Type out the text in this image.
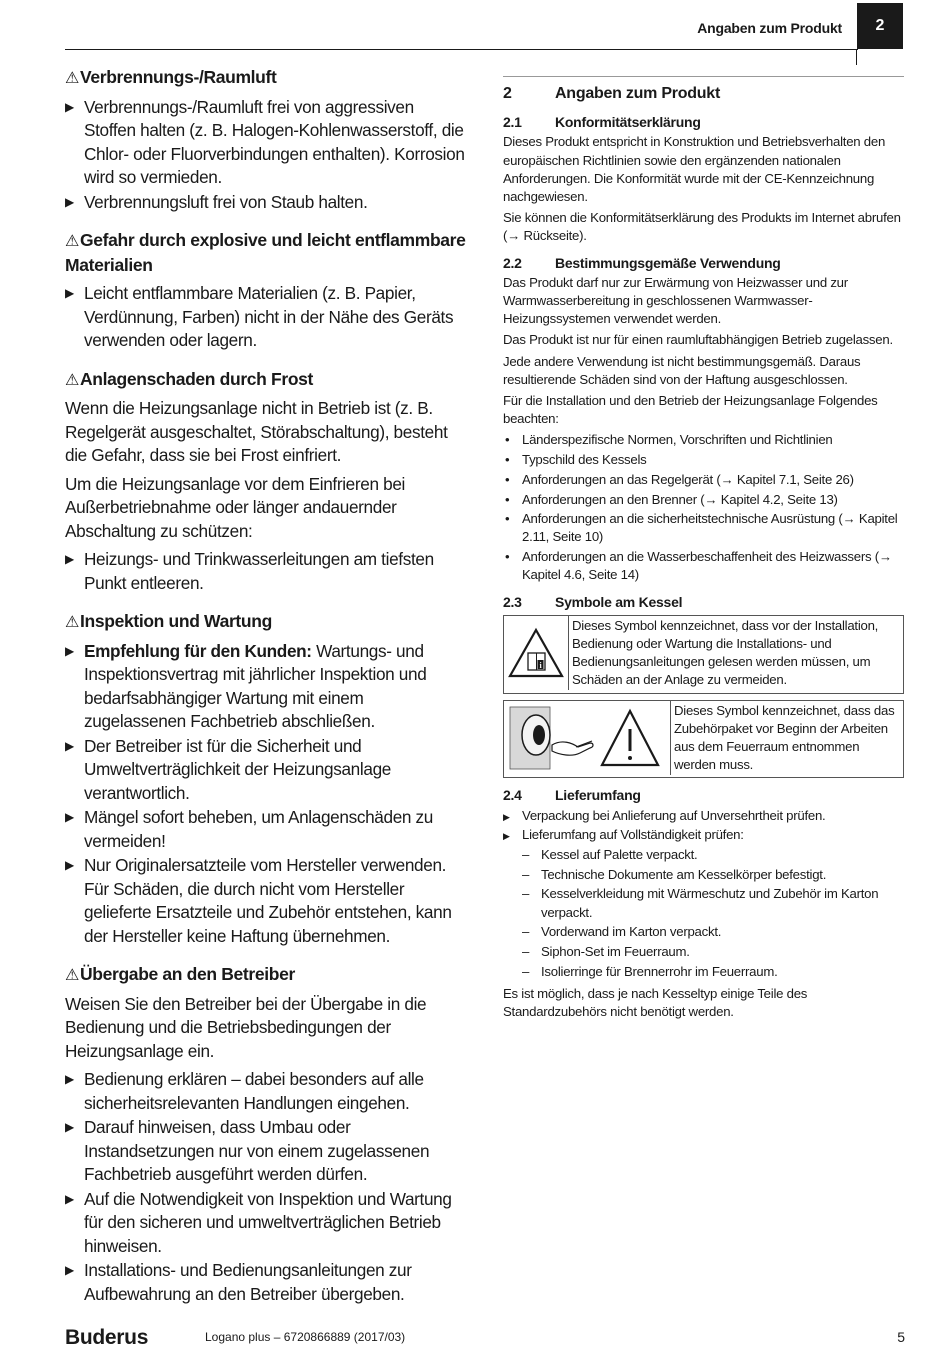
Angaben zum Produkt	2
⚠Verbrennungs-/Raumluft
▶ Verbrennungs-/Raumluft frei von aggressiven Stoffen halten (z. B. Halogen-Kohlenwasserstoff, die Chlor- oder Fluorverbindungen enthalten). Korrosion wird so vermieden.
▶ Verbrennungsluft frei von Staub halten.
⚠Gefahr durch explosive und leicht entflammbare Materialien
▶ Leicht entflammbare Materialien (z. B. Papier, Verdünnung, Farben) nicht in der Nähe des Geräts verwenden oder lagern.
⚠Anlagenschaden durch Frost

Wenn die Heizungsanlage nicht in Betrieb ist (z. B. Regelgerät ausgeschaltet, Störabschaltung), besteht die Gefahr, dass sie bei Frost einfriert.

Um die Heizungsanlage vor dem Einfrieren bei Außerbetriebnahme oder länger andauernder Abschaltung zu schützen:

▶ Heizungs- und Trinkwasserleitungen am tiefsten Punkt entleeren.
⚠Inspektion und Wartung
▶ Empfehlung für den Kunden: Wartungs- und Inspektionsvertrag mit jährlicher Inspektion und bedarfsabhängiger Wartung mit einem zugelassenen Fachbetrieb abschließen.
▶ Der Betreiber ist für die Sicherheit und Umweltverträglichkeit der Heizungsanlage verantwortlich.
▶ Mängel sofort beheben, um Anlagenschäden zu vermeiden!
▶ Nur Originalersatzteile vom Hersteller verwenden. Für Schäden, die durch nicht vom Hersteller gelieferte Ersatzteile und Zubehör entstehen, kann der Hersteller keine Haftung übernehmen.
⚠Übergabe an den Betreiber

Weisen Sie den Betreiber bei der Übergabe in die Bedienung und die Betriebsbedingungen der Heizungsanlage ein.

▶ Bedienung erklären – dabei besonders auf alle sicherheitsrelevanten Handlungen eingehen.
▶ Darauf hinweisen, dass Umbau oder Instandsetzungen nur von einem zugelassenen Fachbetrieb ausgeführt werden dürfen.
▶ Auf die Notwendigkeit von Inspektion und Wartung für den sicheren und umweltverträglichen Betrieb hinweisen.
▶ Installations- und Bedienungsanleitungen zur Aufbewahrung an den Betreiber übergeben.
2	Angaben zum Produkt
2.1	Konformitätserklärung

Dieses Produkt entspricht in Konstruktion und Betriebsverhalten den europäischen Richtlinien sowie den ergänzenden nationalen Anforderungen. Die Konformität wurde mit der CE-Kennzeichnung nachgewiesen.

Sie können die Konformitätserklärung des Produkts im Internet abrufen (→ Rückseite).

2.2	Bestimmungsgemäße Verwendung

Das Produkt darf nur zur Erwärmung von Heizwasser und zur Warmwasserbereitung in geschlossenen Warmwasser-Heizungssystemen verwendet werden.

Das Produkt ist nur für einen raumluftabhängigen Betrieb zugelassen.

Jede andere Verwendung ist nicht bestimmungsgemäß. Daraus resultierende Schäden sind von der Haftung ausgeschlossen.

Für die Installation und den Betrieb der Heizungsanlage Folgendes beachten:

• Länderspezifische Normen, Vorschriften und Richtlinien
• Typschild des Kessels
• Anforderungen an das Regelgerät (→ Kapitel 7.1, Seite 26)
• Anforderungen an den Brenner (→ Kapitel 4.2, Seite 13)
• Anforderungen an die sicherheitstechnische Ausrüstung (→ Kapitel 2.11, Seite 10)
• Anforderungen an die Wasserbeschaffenheit des Heizwassers (→ Kapitel 4.6, Seite 14)
2.3	Symbole am Kessel
i
Dieses Symbol kennzeichnet, dass vor der Installation, Bedienung oder Wartung die Installations- und Bedienungsanleitungen gelesen werden müssen, um Schäden an der Anlage zu vermeiden.
Dieses Symbol kennzeichnet, dass das Zubehörpaket vor Beginn der Arbeiten aus dem Feuerraum entnommen werden muss.
2.4	Lieferumfang
▶ Verpackung bei Anlieferung auf Unversehrtheit prüfen.
▶ Lieferumfang auf Vollständigkeit prüfen:
– Kessel auf Palette verpackt.
– Technische Dokumente am Kesselkörper befestigt.
– Kesselverkleidung mit Wärmeschutz und Zubehör im Karton verpackt.
– Vorderwand im Karton verpackt.
– Siphon-Set im Feuerraum.
– Isolierringe für Brennerrohr im Feuerraum.

Es ist möglich, dass je nach Kesseltyp einige Teile des Standardzubehörs nicht benötigt werden.

Buderus	Logano plus – 6720866889 (2017/03)	5
